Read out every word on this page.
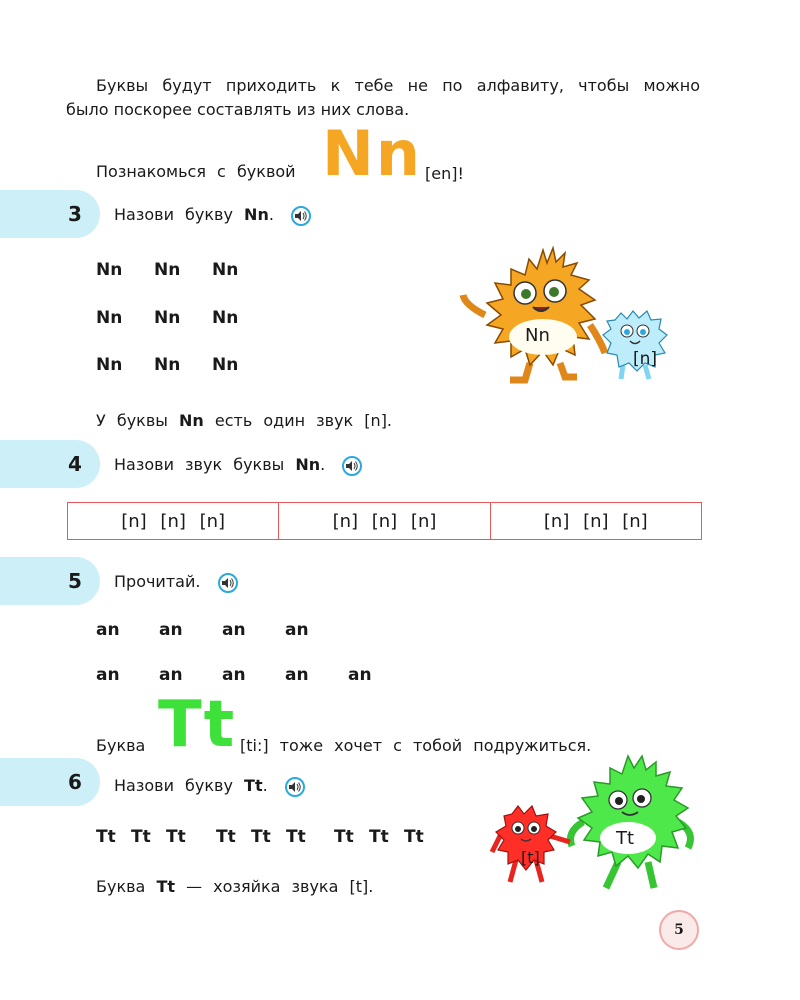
Буквы будут приходить к тебе не по алфавиту, чтобы можно
было поскорее составлять из них слова.
Познакомься с буквой Nn [en]!
3 Назови букву Nn.
Nn Nn Nn
Nn Nn Nn
Nn Nn Nn
Nn
[n]
У буквы Nn есть один звук [n].
4 Назови звук буквы Nn.
[n] [n] [n]	[n] [n] [n]	[n] [n] [n]
5 Прочитай.
an an an an
an an an an an
Буква Tt [ti:] тоже хочет с тобой подружиться.
6 Назови букву Tt.
Tt Tt Tt Tt Tt Tt Tt Tt Tt
Буква Tt — хозяйка звука [t].
Tt
[t]
5
